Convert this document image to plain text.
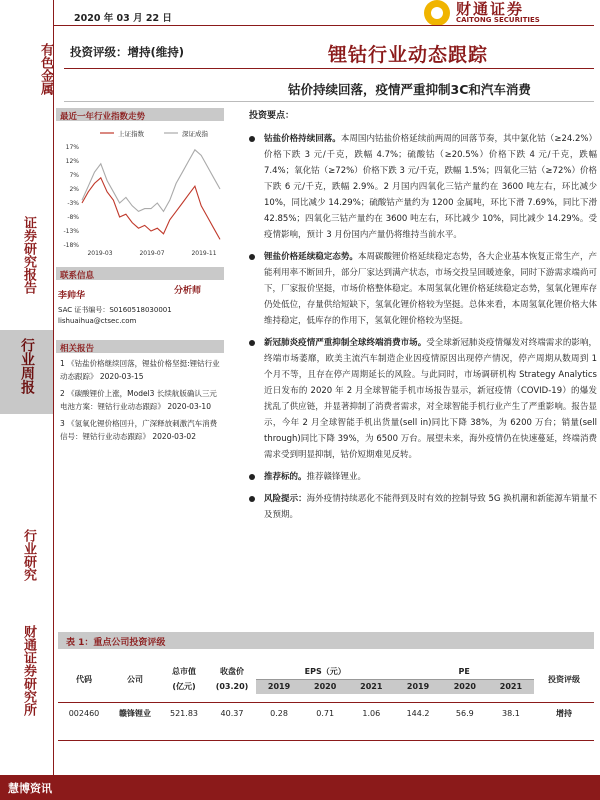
有色金属
证券研究报告
行业周报
行业研究
财通证券研究所
2020 年 03 月 22 日
财通证券
CAITONG SECURITIES
投资评级：增持(维持)	锂钴行业动态跟踪
钴价持续回落，疫情严重抑制3C和汽车消费
最近一年行业指数走势
上证指数	深证成指
17%
12%
7%
2%
-3%
-8%
-13%
-18%
2019-03	2019-07	2019-11
联系信息
李帅华	分析师
SAC 证书编号：S0160518030001
lishuaihua@ctsec.com
相关报告
1 《钴盐价格继续回落，锂盐价格坚挺:锂钴行业动态跟踪》 2020-03-15
2 《碳酸锂价上涨，Model3 长续航版确认三元电池方案：锂钴行业动态跟踪》 2020-03-10
3 《氢氧化锂价格回升，广深释放刺激汽车消费信号：锂钴行业动态跟踪》 2020-03-02
投资要点：
钴盐价格持续回落。本周国内钴盐价格延续前两周的回落节奏，其中氯化钴（≥24.2%）价格下跌 3 元/千克，跌幅 4.7%；硫酸钴（≥20.5%）价格下跌 4 元/千克，跌幅 7.4%；氧化钴（≥72%）价格下跌 3 元/千克，跌幅 1.5%；四氧化三钴（≥72%）价格下跌 6 元/千克，跌幅 2.9%。2 月国内四氧化三钴产量约在 3600 吨左右，环比减少 10%，同比减少 14.29%；硫酸钴产量约为 1200 金属吨，环比下滑 7.69%，同比下滑 42.85%；四氧化三钴产量约在 3600 吨左右，环比减少 10%，同比减少 14.29%。受疫情影响，预计 3 月份国内产量仍将维持当前水平。
锂盐价格延续稳定态势。本周碳酸锂价格延续稳定态势，各大企业基本恢复正常生产，产能利用率不断回升，部分厂家达到满产状态，市场交投呈回暖迹象，同时下游需求端尚可下，厂家报价坚挺，市场价格整体稳定。本周氢氧化锂价格延续稳定态势，氢氧化锂库存仍处低位，存量供给短缺下，氢氧化锂价格较为坚挺。总体来看，本周氢氧化锂价格大体维持稳定，低库存的作用下，氢氧化锂价格较为坚挺。
新冠肺炎疫情严重抑制全球终端消费市场。受全球新冠肺炎疫情爆发对终端需求的影响，终端市场萎靡，欧美主流汽车制造企业因疫情原因出现停产情况，停产周期从数周到 1 个月不等，且存在停产周期延长的风险。与此同时，市场调研机构 Strategy Analytics 近日发布的 2020 年 2 月全球智能手机市场报告显示，新冠疫情（COVID-19）的爆发扰乱了供应链，并显著抑制了消费者需求，对全球智能手机行业产生了严重影响。报告显示，今年 2 月全球智能手机出货量(sell in)同比下降 38%，为 6200 万台；销量(sell through)同比下降 39%，为 6500 万台。展望未来，海外疫情仍在快速蔓延，终端消费需求受到明显抑制，钴价短期难见反转。
推荐标的。推荐赣锋锂业。
风险提示：海外疫情持续恶化不能得到及时有效的控制导致 5G 换机潮和新能源车销量不及预期。
表 1：重点公司投资评级
代码	公司	总市值	收盘价	EPS（元）			PE			投资评级
		(亿元)	(03.20)	2019	2020	2021	2019	2020	2021	

002460	赣锋锂业	521.83	40.37	0.28	0.71	1.06	144.2	56.9	38.1	增持
慧博资讯
